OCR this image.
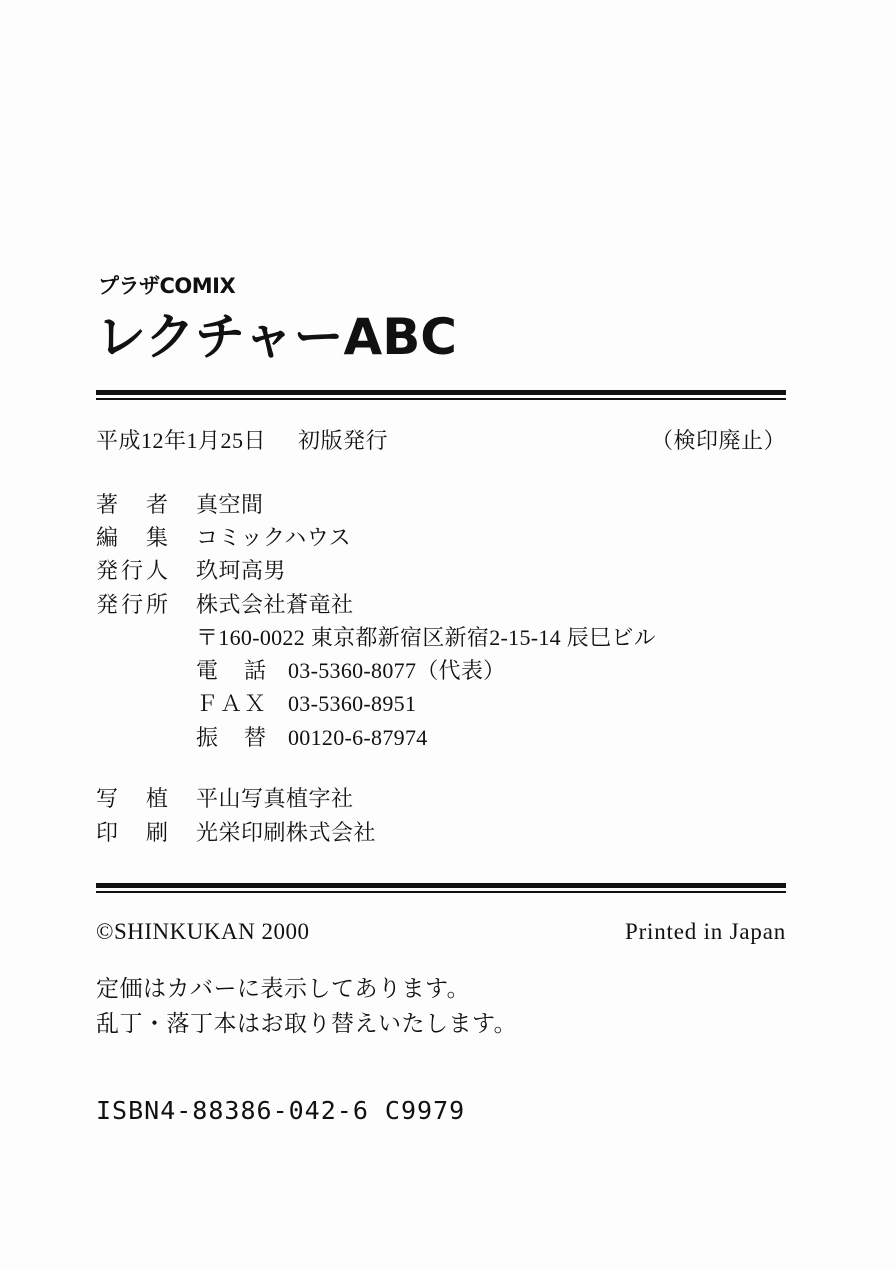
プラザCOMIX
レクチャーABC
平成12年1月25日 初版発行	（検印廃止）
著　者	真空間
編　集	コミックハウス
発行人	玖珂高男
発行所	株式会社蒼竜社
〒160-0022 東京都新宿区新宿2-15-14 辰巳ビル
電　話 03-5360-8077（代表）
ＦＡＸ 03-5360-8951
振　替 00120-6-87974
写　植	平山写真植字社
印　刷	光栄印刷株式会社
©SHINKUKAN 2000	Printed in Japan
定価はカバーに表示してあります。
乱丁・落丁本はお取り替えいたします。
ISBN4-88386-042-6 C9979
